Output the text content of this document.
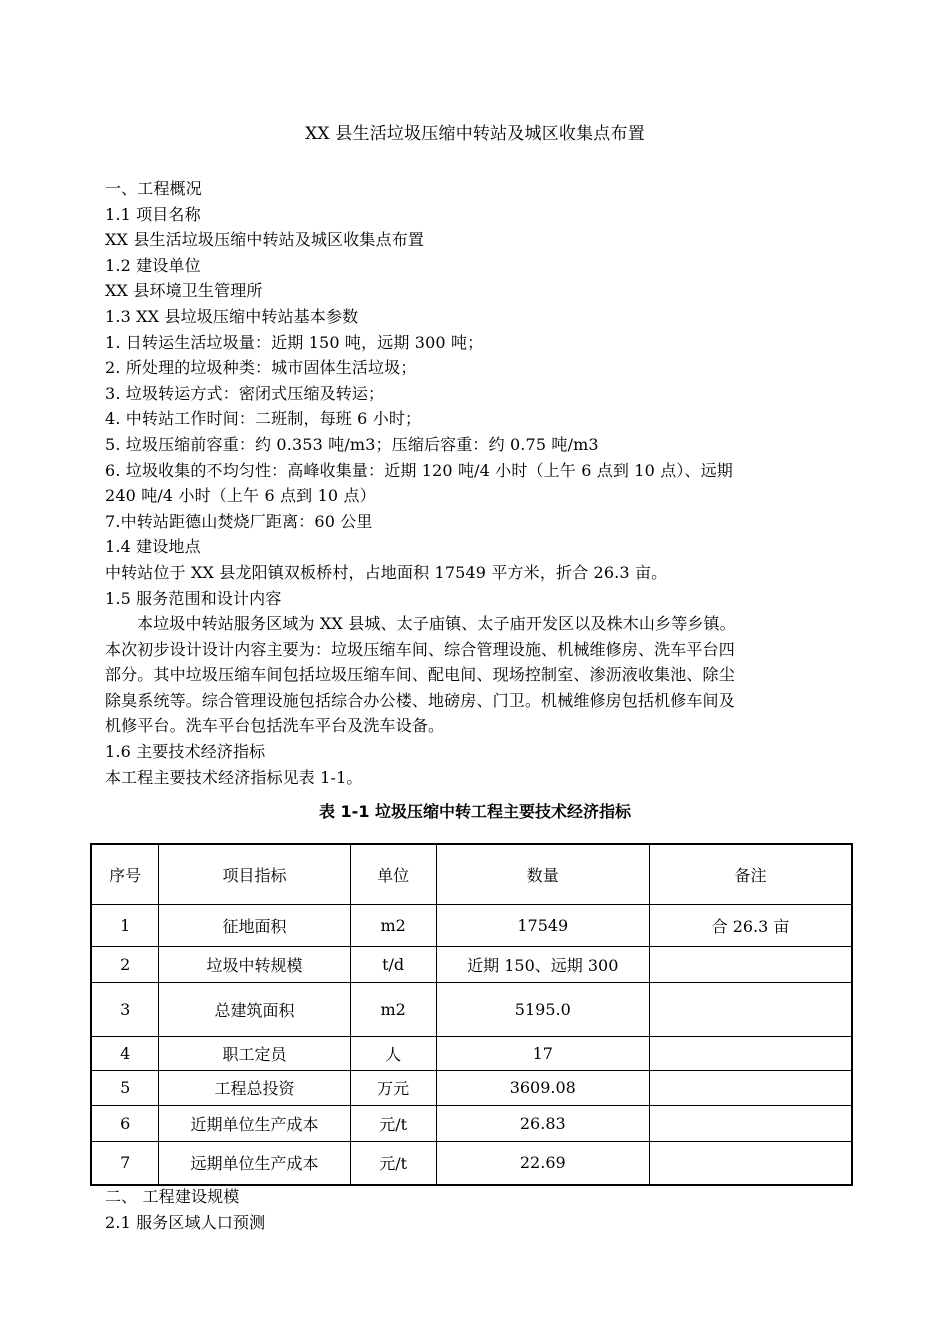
XX 县生活垃圾压缩中转站及城区收集点布置
一、工程概况
1.1 项目名称
XX 县生活垃圾压缩中转站及城区收集点布置
1.2 建设单位
XX 县环境卫生管理所
1.3 XX 县垃圾压缩中转站基本参数
1. 日转运生活垃圾量：近期 150 吨，远期 300 吨；
2. 所处理的垃圾种类：城市固体生活垃圾；
3. 垃圾转运方式：密闭式压缩及转运；
4. 中转站工作时间：二班制，每班 6 小时；
5. 垃圾压缩前容重：约 0.353 吨/m3；压缩后容重：约 0.75 吨/m3
6. 垃圾收集的不均匀性：高峰收集量：近期 120 吨/4 小时（上午 6 点到 10 点）、远期
240 吨/4 小时（上午 6 点到 10 点）
7.中转站距德山焚烧厂距离：60 公里
1.4 建设地点
中转站位于 XX 县龙阳镇双板桥村，占地面积 17549 平方米，折合 26.3 亩。
1.5 服务范围和设计内容
本垃圾中转站服务区域为 XX 县城、太子庙镇、太子庙开发区以及株木山乡等乡镇。
本次初步设计设计内容主要为：垃圾压缩车间、综合管理设施、机械维修房、洗车平台四
部分。其中垃圾压缩车间包括垃圾压缩车间、配电间、现场控制室、渗沥液收集池、除尘
除臭系统等。综合管理设施包括综合办公楼、地磅房、门卫。机械维修房包括机修车间及
机修平台。洗车平台包括洗车平台及洗车设备。
1.6 主要技术经济指标
本工程主要技术经济指标见表 1-1。
表 1-1 垃圾压缩中转工程主要技术经济指标
序号	项目指标	单位	数量	备注
1	征地面积	m2	17549	合 26.3 亩
2	垃圾中转规模	t/d	近期 150、远期 300	
3	总建筑面积	m2	5195.0	
4	职工定员	人	17	
5	工程总投资	万元	3609.08	
6	近期单位生产成本	元/t	26.83	
7	远期单位生产成本	元/t	22.69	
二、 工程建设规模
2.1 服务区域人口预测
